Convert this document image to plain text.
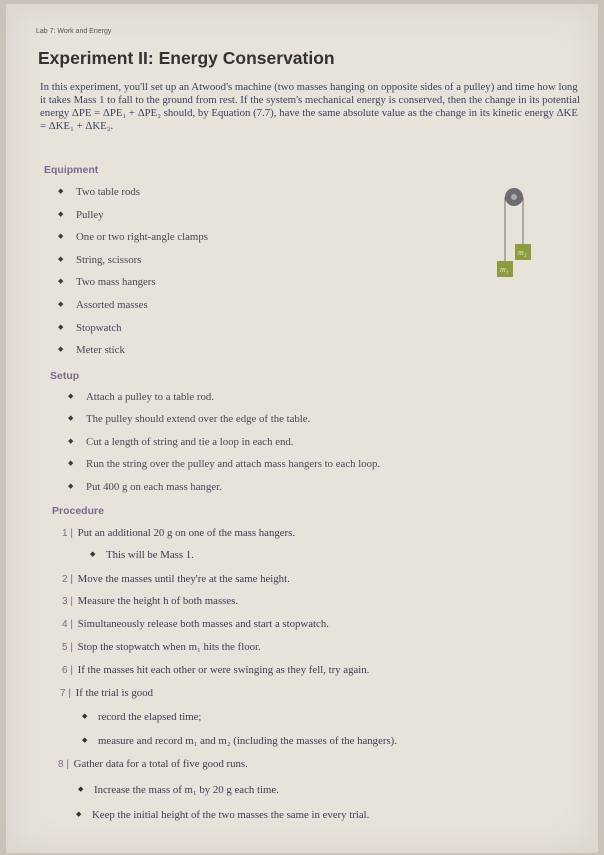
Lab 7: Work and Energy
Experiment II: Energy Conservation

In this experiment, you'll set up an Atwood's machine (two masses hanging on opposite sides of a pulley) and time how long it takes Mass 1 to fall to the ground from rest. If the system's mechanical energy is conserved, then the change in its potential energy ΔPE = ΔPE₁ + ΔPE₂ should, by Equation (7.7), have the same absolute value as the change in its kinetic energy ΔKE = ΔKE₁ + ΔKE₂.

Equipment
◆ Two table rods
◆ Pulley
◆ One or two right-angle clamps
◆ String, scissors
◆ Two mass hangers
◆ Assorted masses
◆ Stopwatch
◆ Meter stick
m₂
m₁
Setup
◆ Attach a pulley to a table rod.
◆ The pulley should extend over the edge of the table.
◆ Cut a length of string and tie a loop in each end.
◆ Run the string over the pulley and attach mass hangers to each loop.
◆ Put 400 g on each mass hanger.
Procedure
1 | Put an additional 20 g on one of the mass hangers.
◆ This will be Mass 1.
2 | Move the masses until they're at the same height.
3 | Measure the height h of both masses.
4 | Simultaneously release both masses and start a stopwatch.
5 | Stop the stopwatch when m₁ hits the floor.
6 | If the masses hit each other or were swinging as they fell, try again.
7 | If the trial is good
◆ record the elapsed time;
◆ measure and record m₁ and m₂ (including the masses of the hangers).
8 | Gather data for a total of five good runs.
◆ Increase the mass of m₁ by 20 g each time.
◆ Keep the initial height of the two masses the same in every trial.
